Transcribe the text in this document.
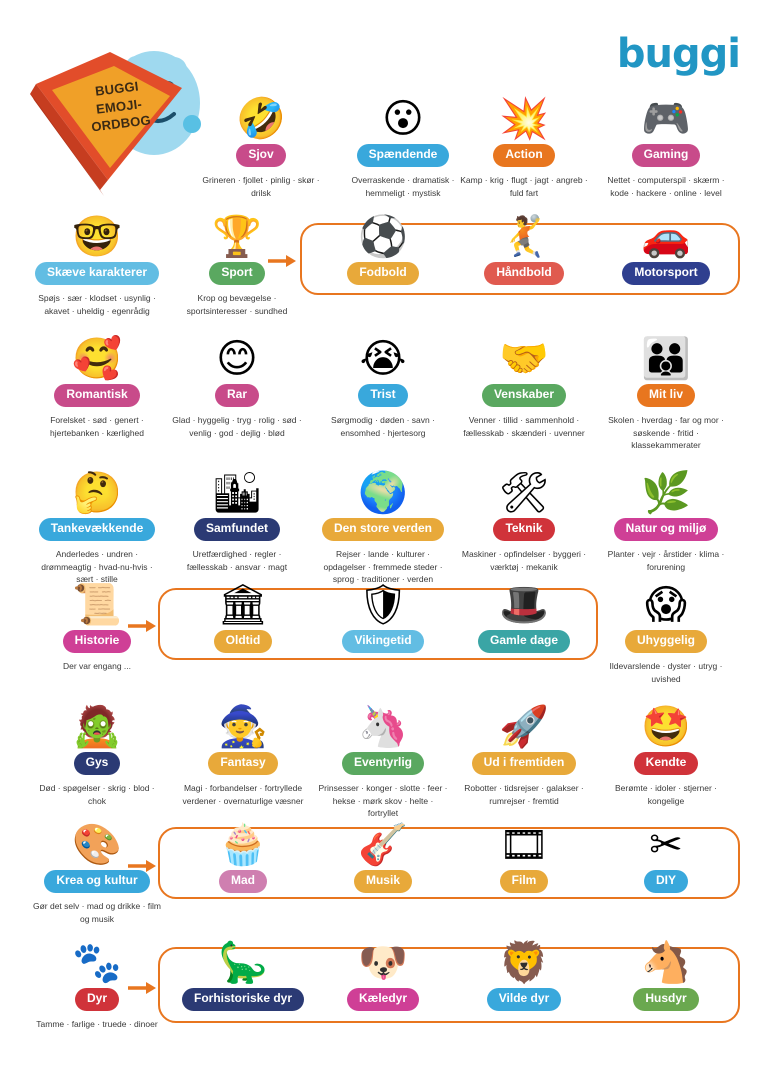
buggi
BUGGI
EMOJI-
ORDBOG	🤣
Sjov
Grineren · fjollet · pinlig · skør · drilsk
😮
Spændende
Overraskende · dramatisk · hemmeligt · mystisk
💥
Action
Kamp · krig · flugt · jagt · angreb · fuld fart
🎮
Gaming
Nettet · computerspil · skærm · kode · hackere · online · level
🤓
Skæve karakterer
Spøjs · sær · klodset · usynlig · akavet · uheldig · egenrådig
🏆
Sport
Krop og bevægelse · sportsinteresser · sundhed
⚽
Fodbold
🤾
Håndbold
🚗
Motorsport
🥰
Romantisk
Forelsket · sød · genert · hjertebanken · kærlighed
😊
Rar
Glad · hyggelig · tryg · rolig · sød · venlig · god · dejlig · blød
😭
Trist
Sørgmodig · døden · savn · ensomhed · hjertesorg
🤝
Venskaber
Venner · tillid · sammenhold · fællesskab · skænderi · uvenner
👪
Mit liv
Skolen · hverdag · far og mor · søskende · fritid · klassekammerater
🤔
Tankevækkende
Anderledes · undren · drømmeagtig · hvad-nu-hvis · sært · stille
🏙
Samfundet
Uretfærdighed · regler · fællesskab · ansvar · magt
🌍
Den store verden
Rejser · lande · kulturer · opdagelser · fremmede steder · sprog · traditioner · verden
🛠
Teknik
Maskiner · opfindelser · byggeri · værktøj · mekanik
🌿
Natur og miljø
Planter · vejr · årstider · klima · forurening
📜
Historie
Der var engang ...
🏛
Oldtid
🛡
Vikingetid
🎩
Gamle dage
😱
Uhyggelig
Ildevarslende · dyster · utryg · uvished
🧟
Gys
Død · spøgelser · skrig · blod · chok
🧙
Fantasy
Magi · forbandelser · fortryllede verdener · overnaturlige væsner
🦄
Eventyrlig
Prinsesser · konger · slotte · feer · hekse · mørk skov · helte · fortryllet
🚀
Ud i fremtiden
Robotter · tidsrejser · galakser · rumrejser · fremtid
🤩
Kendte
Berømte · idoler · stjerner · kongelige
🎨
Krea og kultur
Gør det selv · mad og drikke · film og musik
🧁
Mad
🎸
Musik
🎞
Film
✂
DIY
🐾
Dyr
Tamme · farlige · truede · dinoer
🦕
Forhistoriske dyr
🐶
Kæledyr
🦁
Vilde dyr
🐴
Husdyr
